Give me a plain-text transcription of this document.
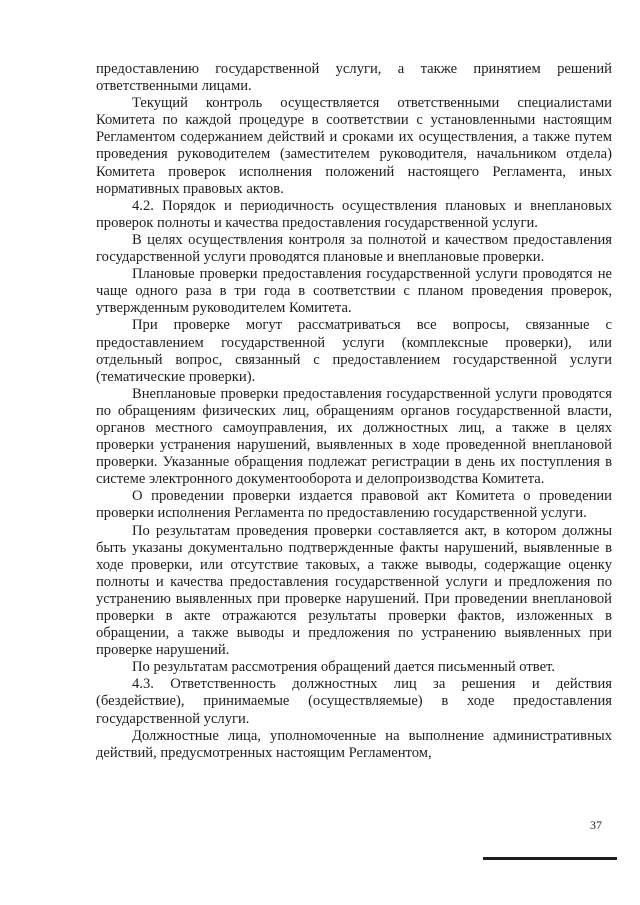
предоставлению государственной услуги, а также принятием решений ответственными лицами.

Текущий контроль осуществляется ответственными специалистами Комитета по каждой процедуре в соответствии с установленными настоящим Регламентом содержанием действий и сроками их осуществления, а также путем проведения руководителем (заместителем руководителя, начальником отдела) Комитета проверок исполнения положений настоящего Регламента, иных нормативных правовых актов.

4.2. Порядок и периодичность осуществления плановых и внеплановых проверок полноты и качества предоставления государственной услуги.

В целях осуществления контроля за полнотой и качеством предоставления государственной услуги проводятся плановые и внеплановые проверки.

Плановые проверки предоставления государственной услуги проводятся не чаще одного раза в три года в соответствии с планом проведения проверок, утвержденным руководителем Комитета.

При проверке могут рассматриваться все вопросы, связанные с предоставлением государственной услуги (комплексные проверки), или отдельный вопрос, связанный с предоставлением государственной услуги (тематические проверки).

Внеплановые проверки предоставления государственной услуги проводятся по обращениям физических лиц, обращениям органов государственной власти, органов местного самоуправления, их должностных лиц, а также в целях проверки устранения нарушений, выявленных в ходе проведенной внеплановой проверки. Указанные обращения подлежат регистрации в день их поступления в системе электронного документооборота и делопроизводства Комитета.

О проведении проверки издается правовой акт Комитета о проведении проверки исполнения Регламента по предоставлению государственной услуги.

По результатам проведения проверки составляется акт, в котором должны быть указаны документально подтвержденные факты нарушений, выявленные в ходе проверки, или отсутствие таковых, а также выводы, содержащие оценку полноты и качества предоставления государственной услуги и предложения по устранению выявленных при проверке нарушений. При проведении внеплановой проверки в акте отражаются результаты проверки фактов, изложенных в обращении, а также выводы и предложения по устранению выявленных при проверке нарушений.

По результатам рассмотрения обращений дается письменный ответ.

4.3. Ответственность должностных лиц за решения и действия (бездействие), принимаемые (осуществляемые) в ходе предоставления государственной услуги.

Должностные лица, уполномоченные на выполнение административных действий, предусмотренных настоящим Регламентом,

37
